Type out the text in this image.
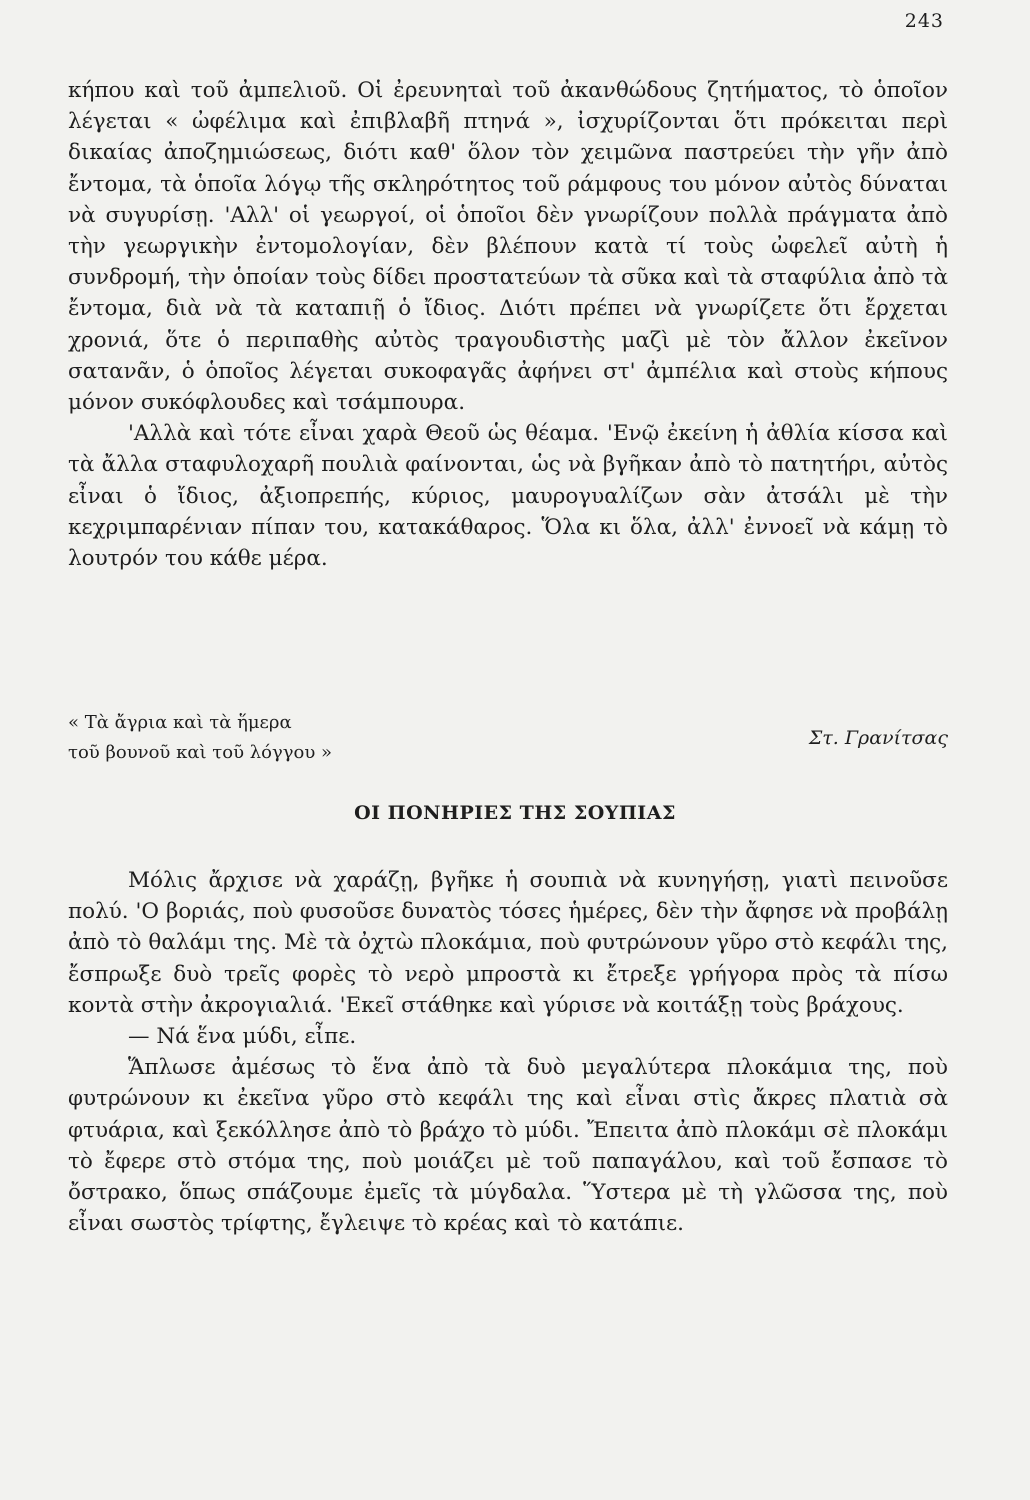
243

κήπου καὶ τοῦ ἀμπελιοῦ. Οἱ ἐρευνηταὶ τοῦ ἀκανθώδους ζητήματος, τὸ ὁποῖον λέγεται « ὠφέλιμα καὶ ἐπιβλαβῆ πτηνά », ἰσχυρίζονται ὅτι πρόκειται περὶ δικαίας ἀποζημιώσεως, διότι καθ' ὅλον τὸν χειμῶνα παστρεύει τὴν γῆν ἀπὸ ἔντομα, τὰ ὁποῖα λόγῳ τῆς σκληρότητος τοῦ ράμφους του μόνον αὐτὸς δύναται νὰ συγυρίσῃ. 'Αλλ' οἱ γεωργοί, οἱ ὁποῖοι δὲν γνωρίζουν πολλὰ πράγματα ἀπὸ τὴν γεωργικὴν ἐντομολογίαν, δὲν βλέπουν κατὰ τί τοὺς ὠφελεῖ αὐτὴ ἡ συνδρομή, τὴν ὁποίαν τοὺς δίδει προστατεύων τὰ σῦκα καὶ τὰ σταφύλια ἀπὸ τὰ ἔντομα, διὰ νὰ τὰ καταπιῇ ὁ ἴδιος. Διότι πρέπει νὰ γνωρίζετε ὅτι ἔρχεται χρονιά, ὅτε ὁ περιπαθὴς αὐτὸς τραγουδιστὴς μαζὶ μὲ τὸν ἄλλον ἐκεῖνον σατανᾶν, ὁ ὁποῖος λέγεται συκοφαγᾶς ἀφήνει στ' ἀμπέλια καὶ στοὺς κήπους μόνον συκόφλουδες καὶ τσάμπουρα.

'Αλλὰ καὶ τότε εἶναι χαρὰ Θεοῦ ὡς θέαμα. 'Ενῷ ἐκείνη ἡ ἀθλία κίσσα καὶ τὰ ἄλλα σταφυλοχαρῆ πουλιὰ φαίνονται, ὡς νὰ βγῆκαν ἀπὸ τὸ πατητήρι, αὐτὸς εἶναι ὁ ἴδιος, ἀξιοπρεπής, κύριος, μαυρογυαλίζων σὰν ἀτσάλι μὲ τὴν κεχριμπαρένιαν πίπαν του, κατακάθαρος. Ὅλα κι ὅλα, ἀλλ' ἐννοεῖ νὰ κάμῃ τὸ λουτρόν του κάθε μέρα.

« Τὰ ἄγρια καὶ τὰ ἥμερα
τοῦ βουνοῦ καὶ τοῦ λόγγου »
Στ. Γρανίτσας
ΟΙ ΠΟΝΗΡΙΕΣ ΤΗΣ ΣΟΥΠΙΑΣ

Μόλις ἄρχισε νὰ χαράζῃ, βγῆκε ἡ σουπιὰ νὰ κυνηγήσῃ, γιατὶ πεινοῦσε πολύ. 'Ο βοριάς, ποὺ φυσοῦσε δυνατὸς τόσες ἡμέρες, δὲν τὴν ἄφησε νὰ προβάλῃ ἀπὸ τὸ θαλάμι της. Μὲ τὰ ὀχτὼ πλοκάμια, ποὺ φυτρώνουν γῦρο στὸ κεφάλι της, ἔσπρωξε δυὸ τρεῖς φορὲς τὸ νερὸ μπροστὰ κι ἔτρεξε γρήγορα πρὸς τὰ πίσω κοντὰ στὴν ἀκρογιαλιά. 'Εκεῖ στάθηκε καὶ γύρισε νὰ κοιτάξῃ τοὺς βράχους.

— Νά ἕνα μύδι, εἶπε.

Ἅπλωσε ἀμέσως τὸ ἕνα ἀπὸ τὰ δυὸ μεγαλύτερα πλοκάμια της, ποὺ φυτρώνουν κι ἐκεῖνα γῦρο στὸ κεφάλι της καὶ εἶναι στὶς ἄκρες πλατιὰ σὰ φτυάρια, καὶ ξεκόλλησε ἀπὸ τὸ βράχο τὸ μύδι. Ἔπειτα ἀπὸ πλοκάμι σὲ πλοκάμι τὸ ἔφερε στὸ στόμα της, ποὺ μοιάζει μὲ τοῦ παπαγάλου, καὶ τοῦ ἔσπασε τὸ ὄστρακο, ὅπως σπάζουμε ἐμεῖς τὰ μύγδαλα. Ὕστερα μὲ τὴ γλῶσσα της, ποὺ εἶναι σωστὸς τρίφτης, ἔγλειψε τὸ κρέας καὶ τὸ κατάπιε.
